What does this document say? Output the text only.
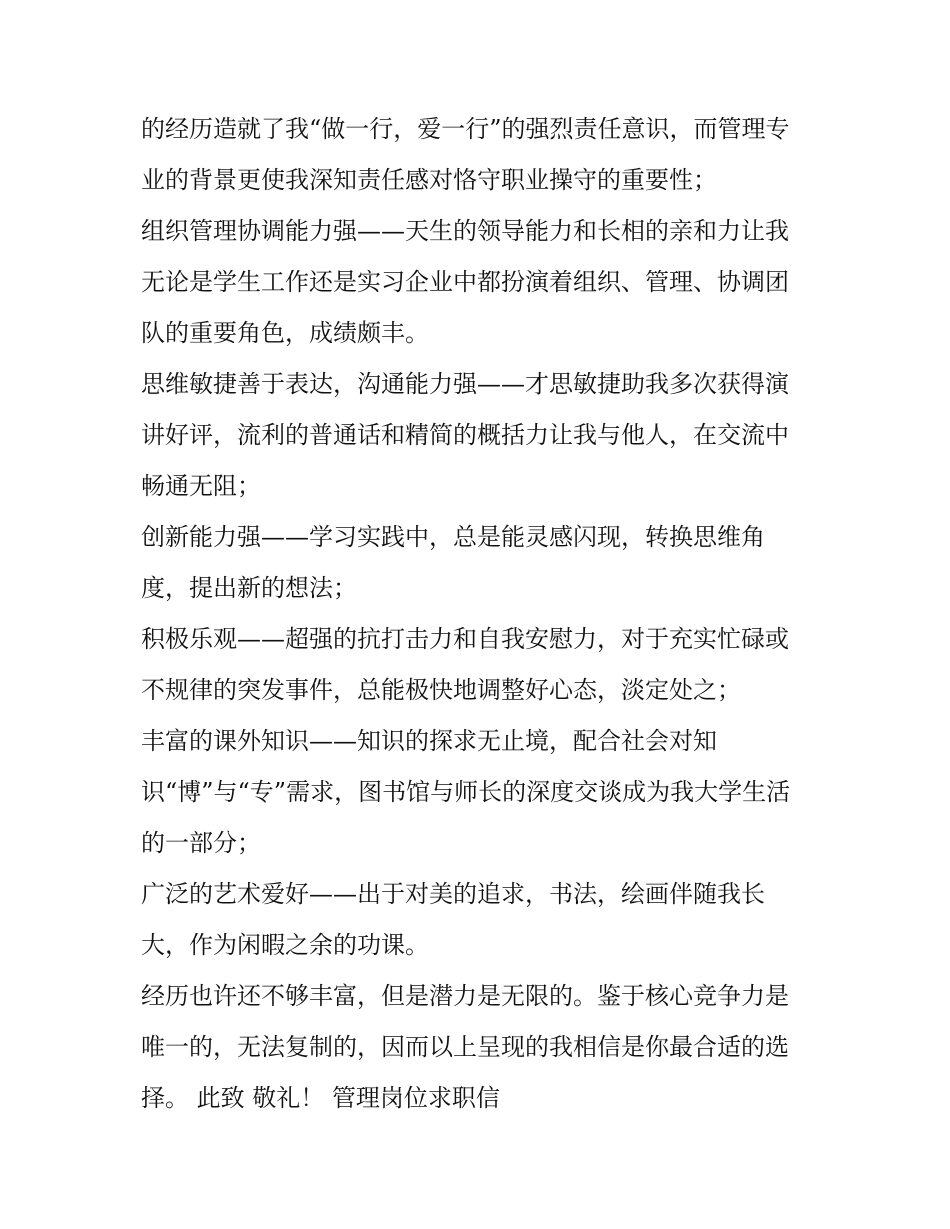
的经历造就了我“做一行，爱一行”的强烈责任意识，而管理专
业的背景更使我深知责任感对恪守职业操守的重要性；
组织管理协调能力强——天生的领导能力和长相的亲和力让我
无论是学生工作还是实习企业中都扮演着组织、管理、协调团
队的重要角色，成绩颇丰。
思维敏捷善于表达，沟通能力强——才思敏捷助我多次获得演
讲好评，流利的普通话和精简的概括力让我与他人，在交流中
畅通无阻；
创新能力强——学习实践中，总是能灵感闪现，转换思维角
度，提出新的想法；
积极乐观——超强的抗打击力和自我安慰力，对于充实忙碌或
不规律的突发事件，总能极快地调整好心态，淡定处之；
丰富的课外知识——知识的探求无止境，配合社会对知
识“博”与“专”需求，图书馆与师长的深度交谈成为我大学生活
的一部分；
广泛的艺术爱好——出于对美的追求，书法，绘画伴随我长
大，作为闲暇之余的功课。
经历也许还不够丰富，但是潜力是无限的。鉴于核心竞争力是
唯一的，无法复制的，因而以上呈现的我相信是你最合适的选
择。 此致 敬礼！ 管理岗位求职信
